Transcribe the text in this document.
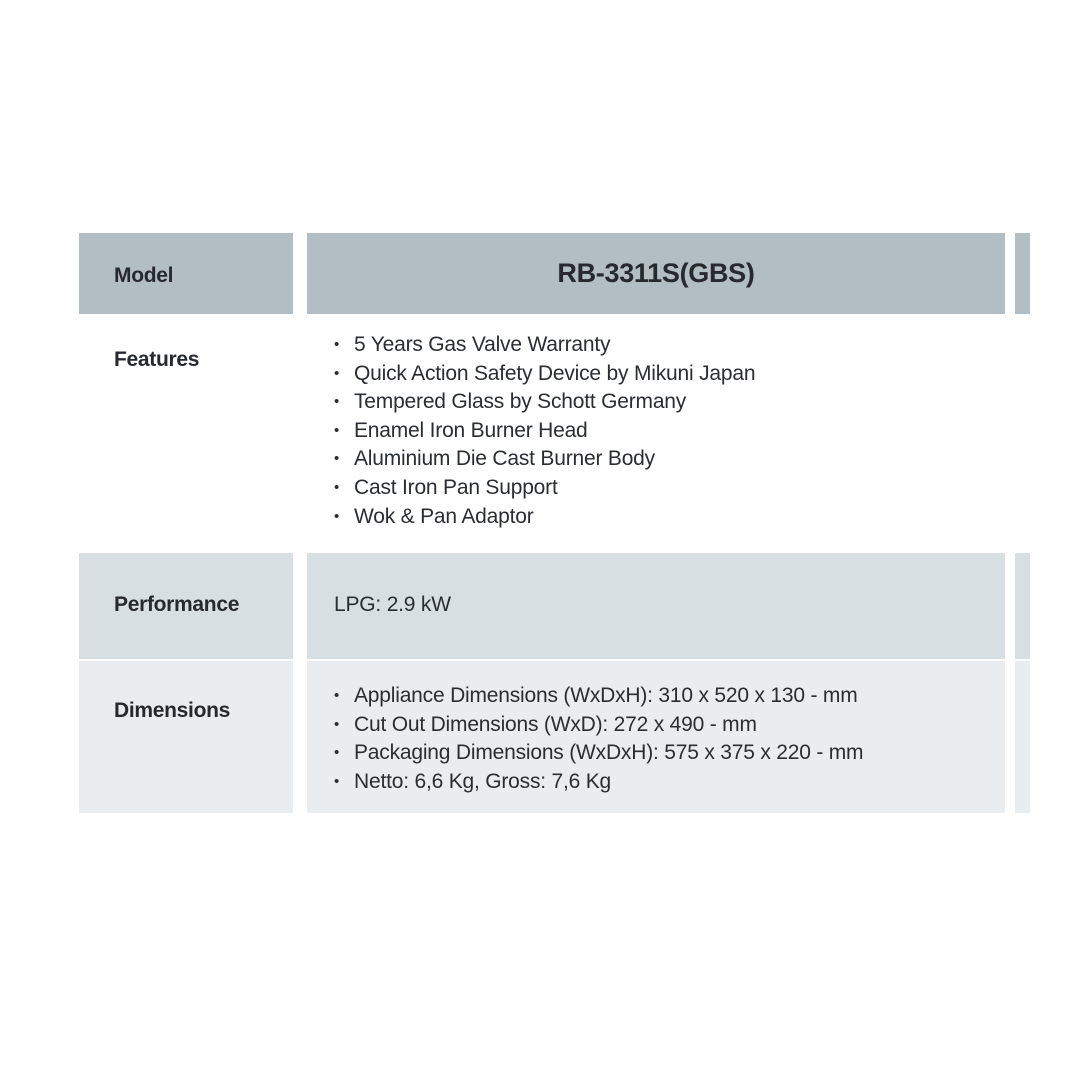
Model	RB-3311S(GBS)
Features
• 5 Years Gas Valve Warranty
• Quick Action Safety Device by Mikuni Japan
• Tempered Glass by Schott Germany
• Enamel Iron Burner Head
• Aluminium Die Cast Burner Body
• Cast Iron Pan Support
• Wok & Pan Adaptor
Performance	LPG: 2.9 kW
Dimensions
• Appliance Dimensions (WxDxH): 310 x 520 x 130 - mm
• Cut Out Dimensions (WxD): 272 x 490 - mm
• Packaging Dimensions (WxDxH): 575 x 375 x 220 - mm
• Netto: 6,6 Kg, Gross: 7,6 Kg
